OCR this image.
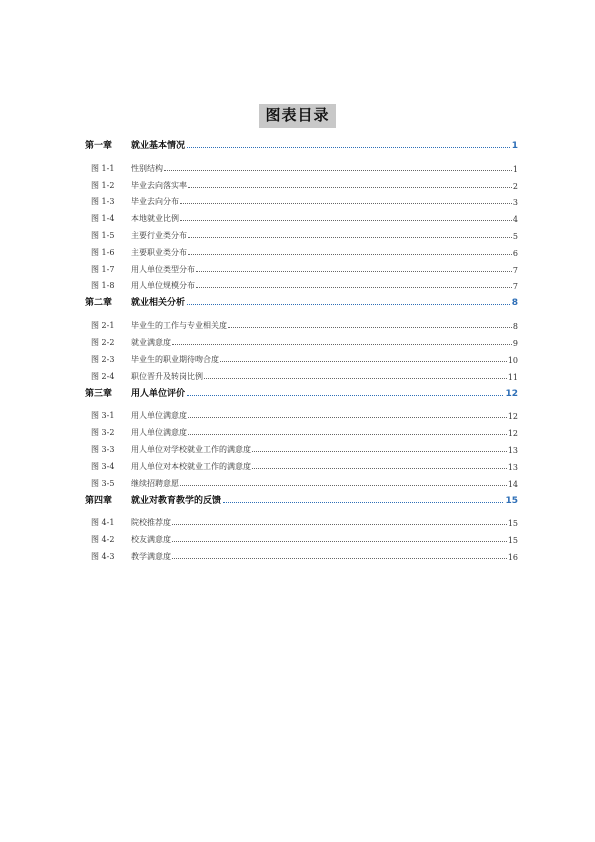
图表目录
第一章	就业基本情况	1
图 1-1	性别结构	1
图 1-2	毕业去向落实率	2
图 1-3	毕业去向分布	3
图 1-4	本地就业比例	4
图 1-5	主要行业类分布	5
图 1-6	主要职业类分布	6
图 1-7	用人单位类型分布	7
图 1-8	用人单位规模分布	7
第二章	就业相关分析	8
图 2-1	毕业生的工作与专业相关度	8
图 2-2	就业满意度	9
图 2-3	毕业生的职业期待吻合度	10
图 2-4	职位晋升及转岗比例	11
第三章	用人单位评价	12
图 3-1	用人单位满意度	12
图 3-2	用人单位满意度	12
图 3-3	用人单位对学校就业工作的满意度	13
图 3-4	用人单位对本校就业工作的满意度	13
图 3-5	继续招聘意愿	14
第四章	就业对教育教学的反馈	15
图 4-1	院校推荐度	15
图 4-2	校友满意度	15
图 4-3	教学满意度	16
